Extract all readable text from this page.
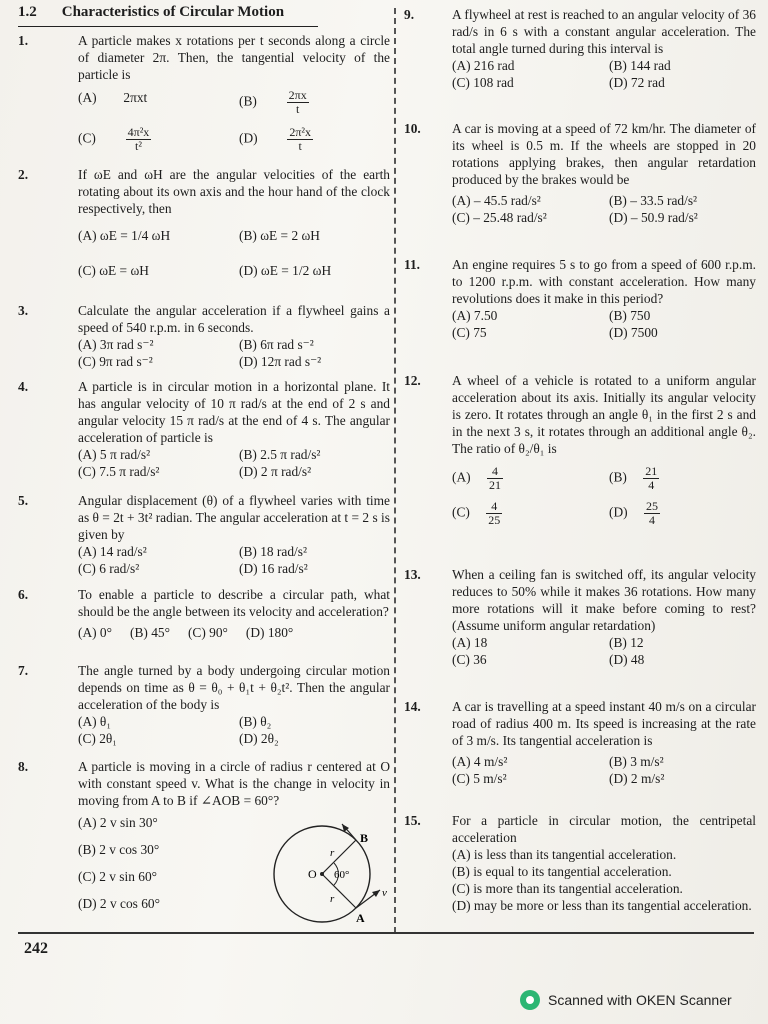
1.2 Characteristics of Circular Motion
1.	A particle makes x rotations per t seconds along a circle of diameter 2π. Then, the tangential velocity of the particle is
(A) 2πxt	$(B) \frac{2\pi x}{t}$
$(C) \frac{\text{4π²x}}{\text{t²}}$	$(D) \frac{\text{2π²x}}{t}$
2.	If ωE and ωH are the angular velocities of the earth rotating about its own axis and the hour hand of the clock respectively, then
(A) ωE = 1/4 ωH	(B) ωE = 2 ωH
(C) ωE = ωH	(D) ωE = 1/2 ωH
3.	Calculate the angular acceleration if a flywheel gains a speed of 540 r.p.m. in 6 seconds.
(A) 3π rad s⁻²	(B) 6π rad s⁻²
(C) 9π rad s⁻²	(D) 12π rad s⁻²
4.	A particle is in circular motion in a horizontal plane. It has angular velocity of 10 π rad/s at the end of 2 s and angular velocity 15 π rad/s at the end of 4 s. The angular acceleration of particle is
(A) 5 π rad/s²	(B) 2.5 π rad/s²
(C) 7.5 π rad/s²	(D) 2 π rad/s²
5.	Angular displacement (θ) of a flywheel varies with time as θ = 2t + 3t² radian. The angular acceleration at t = 2 s is given by
(A) 14 rad/s²	(B) 18 rad/s²
(C) 6 rad/s²	(D) 16 rad/s²
6.	To enable a particle to describe a circular path, what should be the angle between its velocity and acceleration?
(A) 0° (B) 45° (C) 90° (D) 180°
7.	The angle turned by a body undergoing circular motion depends on time as θ = θ₀ + θ₁t + θ₂t². Then the angular acceleration of the body is
(A) θ₁	(B) θ₂
(C) 2θ₁	(D) 2θ₂
8.	A particle is moving in a circle of radius r centered at O with constant speed v. What is the change in velocity in moving from A to B if ∠AOB = 60°?
(A) 2 v sin 30°
(B) 2 v cos 30°
(C) 2 v sin 60°
(D) 2 v cos 60°
B
A
O 60°
r
r	v
9.	A flywheel at rest is reached to an angular velocity of 36 rad/s in 6 s with a constant angular acceleration. The total angle turned during this interval is
(A) 216 rad	(B) 144 rad
(C) 108 rad	(D) 72 rad
10.	A car is moving at a speed of 72 km/hr. The diameter of its wheel is 0.5 m. If the wheels are stopped in 20 rotations applying brakes, then angular retardation produced by the brakes would be
(A) – 45.5 rad/s²	(B) – 33.5 rad/s²
(C) – 25.48 rad/s²	(D) – 50.9 rad/s²
11.	An engine requires 5 s to go from a speed of 600 r.p.m. to 1200 r.p.m. with constant acceleration. How many revolutions does it make in this period?
(A) 7.50	(B) 750
(C) 75	(D) 7500
12.	A wheel of a vehicle is rotated to a uniform angular acceleration about its axis. Initially its angular velocity is zero. It rotates through an angle θ₁ in the first 2 s and in the next 3 s, it rotates through an additional angle θ₂. The ratio of θ₂/θ₁ is
$(A) \frac{4}{21}$	$(B) \frac{21}{4}$
$(C) \frac{4}{25}$	$(D) \frac{25}{4}$
13.	When a ceiling fan is switched off, its angular velocity reduces to 50% while it makes 36 rotations. How many more rotations will it make before coming to rest? (Assume uniform angular retardation)
(A) 18	(B) 12
(C) 36	(D) 48
14.	A car is travelling at a speed instant 40 m/s on a circular road of radius 400 m. Its speed is increasing at the rate of 3 m/s. Its tangential acceleration is
(A) 4 m/s²	(B) 3 m/s²
(C) 5 m/s²	(D) 2 m/s²
15.	For a particle in circular motion, the centripetal acceleration
(A) is less than its tangential acceleration.
(B) is equal to its tangential acceleration.
(C) is more than its tangential acceleration.
(D) may be more or less than its tangential acceleration.
242
Scanned with OKEN Scanner
